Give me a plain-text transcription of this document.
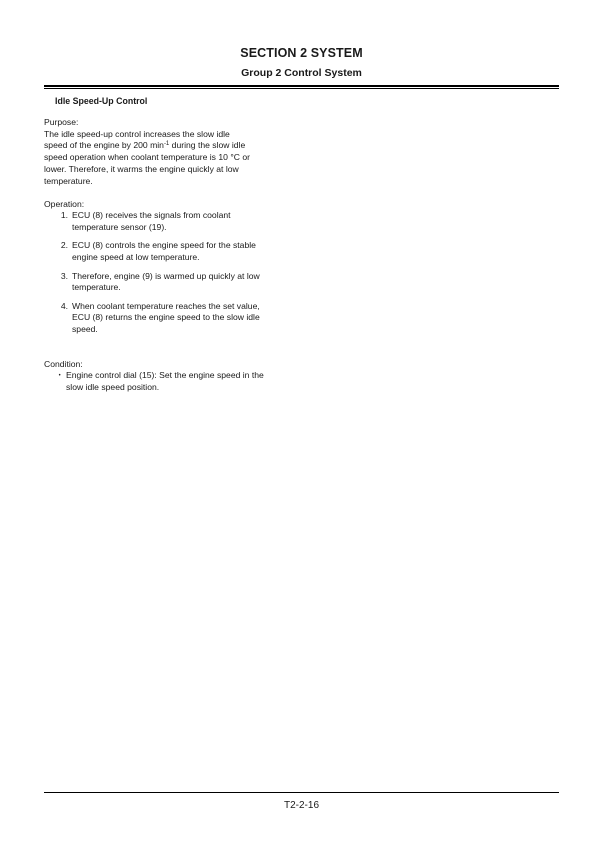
SECTION 2 SYSTEM
Group 2 Control System
Idle Speed-Up Control
Purpose:
The idle speed-up control increases the slow idle
speed of the engine by 200 $\min^{-1}$ during the slow idle
speed operation when coolant temperature is 10 °C or
lower. Therefore, it warms the engine quickly at low
temperature.
Operation:
1. ECU (8) receives the signals from coolant
temperature sensor (19).
2. ECU (8) controls the engine speed for the stable
engine speed at low temperature.
3. Therefore, engine (9) is warmed up quickly at low
temperature.
4. When coolant temperature reaches the set value,
ECU (8) returns the engine speed to the slow idle
speed.
Condition:
・ Engine control dial (15): Set the engine speed in the
slow idle speed position.
T2-2-16
